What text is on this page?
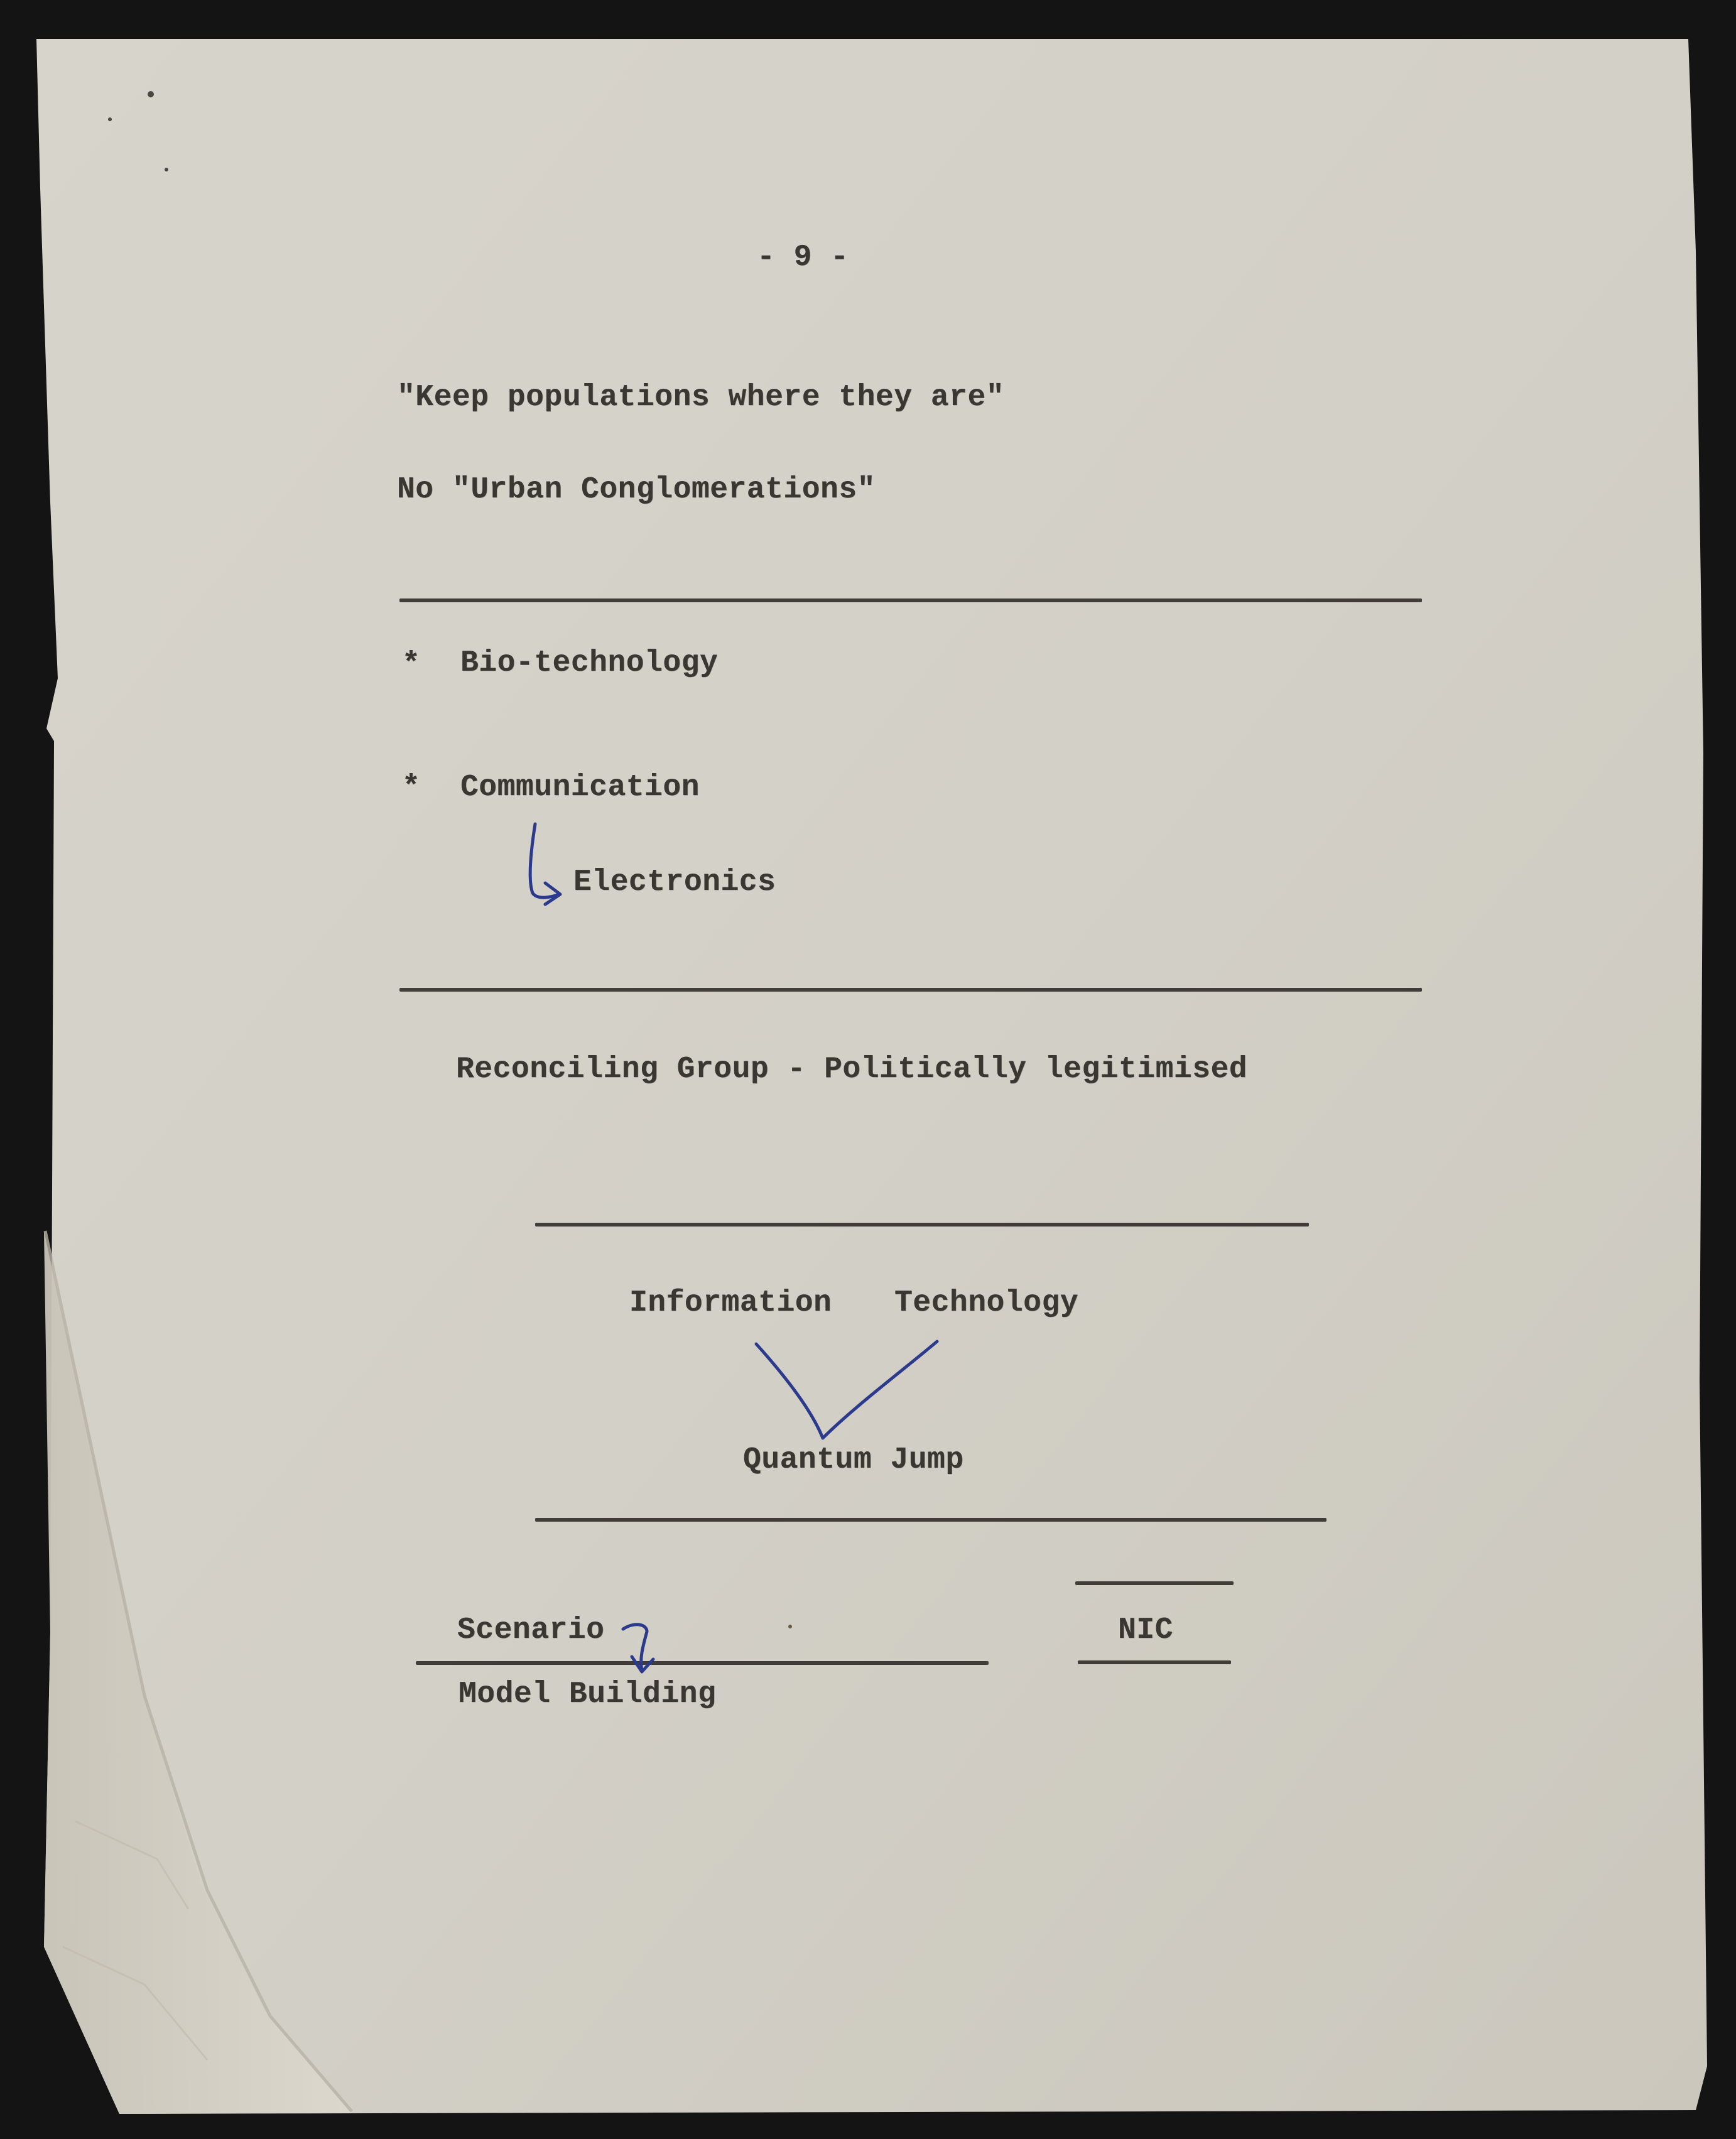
- 9 -
"Keep populations where they are"
No "Urban Conglomerations"
* Bio-technology
* Communication
Electronics
Reconciling Group - Politically legitimised
Information Technology
Quantum Jump
NIC
Scenario
Model Building
